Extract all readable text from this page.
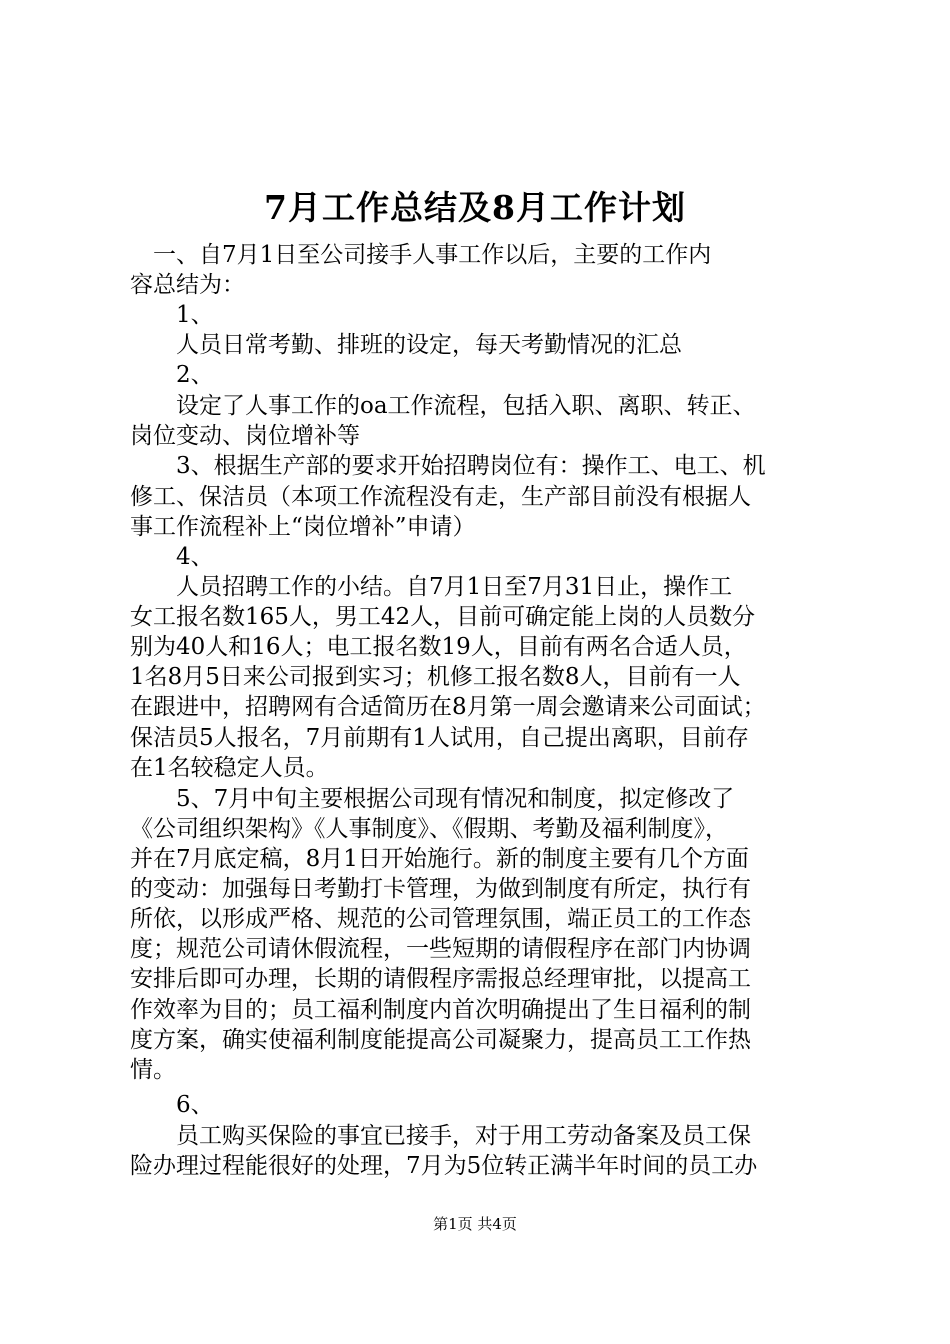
7月工作总结及8月工作计划

　一、自7月1日至公司接手人事工作以后，主要的工作内

容总结为：

　　1、

　　人员日常考勤、排班的设定，每天考勤情况的汇总

　　2、

　　设定了人事工作的oa工作流程，包括入职、离职、转正、

岗位变动、岗位增补等

　　3、根据生产部的要求开始招聘岗位有：操作工、电工、机

修工、保洁员（本项工作流程没有走，生产部目前没有根据人

事工作流程补上“岗位增补”申请）

　　4、

　　人员招聘工作的小结。自7月1日至7月31日止，操作工

女工报名数165人，男工42人，目前可确定能上岗的人员数分

别为40人和16人；电工报名数19人，目前有两名合适人员，

1名8月5日来公司报到实习；机修工报名数8人，目前有一人

在跟进中，招聘网有合适简历在8月第一周会邀请来公司面试；

保洁员5人报名，7月前期有1人试用，自己提出离职，目前存

在1名较稳定人员。

　　5、7月中旬主要根据公司现有情况和制度，拟定修改了

《公司组织架构》《人事制度》、《假期、考勤及福利制度》，

并在7月底定稿，8月1日开始施行。新的制度主要有几个方面

的变动：加强每日考勤打卡管理，为做到制度有所定，执行有

所依，以形成严格、规范的公司管理氛围，端正员工的工作态

度；规范公司请休假流程，一些短期的请假程序在部门内协调

安排后即可办理，长期的请假程序需报总经理审批，以提高工

作效率为目的；员工福利制度内首次明确提出了生日福利的制

度方案，确实使福利制度能提高公司凝聚力，提高员工工作热

情。

　　6、

　　员工购买保险的事宜已接手，对于用工劳动备案及员工保

险办理过程能很好的处理，7月为5位转正满半年时间的员工办

第1页 共4页
